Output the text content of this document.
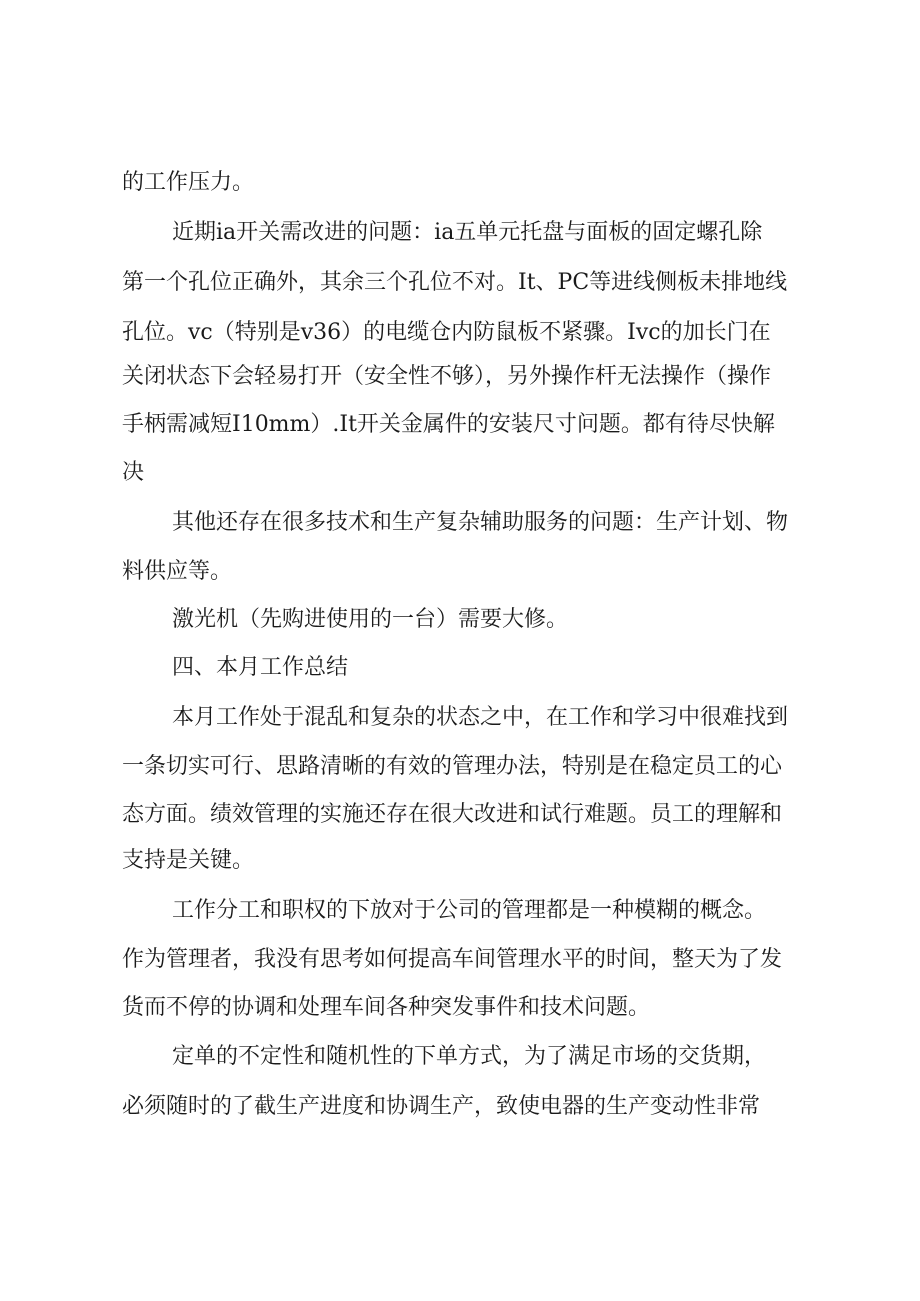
的工作压力。

近期ia开关需改进的问题：ia五单元托盘与面板的固定螺孔除

第一个孔位正确外，其余三个孔位不对。It、PC等进线侧板未排地线

孔位。vc（特别是v36）的电缆仓内防鼠板不紧骤。Ivc的加长门在

关闭状态下会轻易打开（安全性不够），另外操作杆无法操作（操作

手柄需减短I10mm）.It开关金属件的安装尺寸问题。都有待尽快解

决

其他还存在很多技术和生产复杂辅助服务的问题：生产计划、物

料供应等。

激光机（先购进使用的一台）需要大修。

四、本月工作总结

本月工作处于混乱和复杂的状态之中，在工作和学习中很难找到

一条切实可行、思路清晰的有效的管理办法，特别是在稳定员工的心

态方面。绩效管理的实施还存在很大改进和试行难题。员工的理解和

支持是关键。

工作分工和职权的下放对于公司的管理都是一种模糊的概念。

作为管理者，我没有思考如何提高车间管理水平的时间，整天为了发

货而不停的协调和处理车间各种突发事件和技术问题。

定单的不定性和随机性的下单方式，为了满足市场的交货期，

必须随时的了截生产进度和协调生产，致使电器的生产变动性非常
